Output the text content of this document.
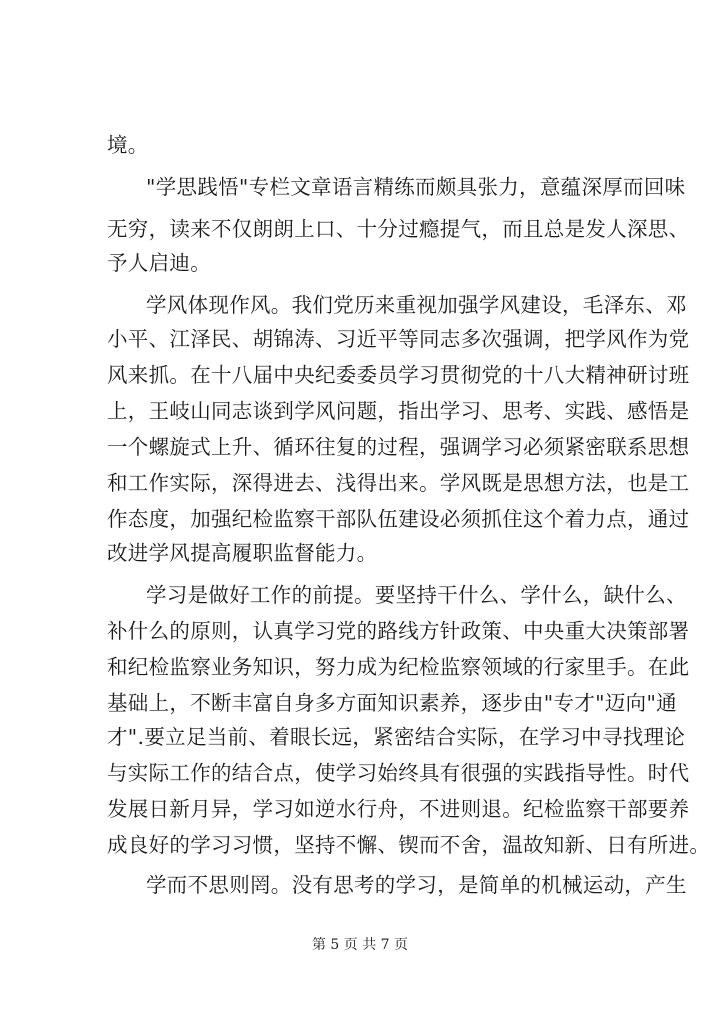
境。
"学思践悟"专栏文章语言精练而颇具张力，意蕴深厚而回味
无穷，读来不仅朗朗上口、十分过瘾提气，而且总是发人深思、
予人启迪。
学风体现作风。我们党历来重视加强学风建设，毛泽东、邓
小平、江泽民、胡锦涛、习近平等同志多次强调，把学风作为党
风来抓。在十八届中央纪委委员学习贯彻党的十八大精神研讨班
上，王岐山同志谈到学风问题，指出学习、思考、实践、感悟是
一个螺旋式上升、循环往复的过程，强调学习必须紧密联系思想
和工作实际，深得进去、浅得出来。学风既是思想方法，也是工
作态度，加强纪检监察干部队伍建设必须抓住这个着力点，通过
改进学风提高履职监督能力。
学习是做好工作的前提。要坚持干什么、学什么，缺什么、
补什么的原则，认真学习党的路线方针政策、中央重大决策部署
和纪检监察业务知识，努力成为纪检监察领域的行家里手。在此
基础上，不断丰富自身多方面知识素养，逐步由"专才"迈向"通
才".要立足当前、着眼长远，紧密结合实际，在学习中寻找理论
与实际工作的结合点，使学习始终具有很强的实践指导性。时代
发展日新月异，学习如逆水行舟，不进则退。纪检监察干部要养
成良好的学习习惯，坚持不懈、锲而不舍，温故知新、日有所进。
学而不思则罔。没有思考的学习，是简单的机械运动，产生
第 5 页 共 7 页
